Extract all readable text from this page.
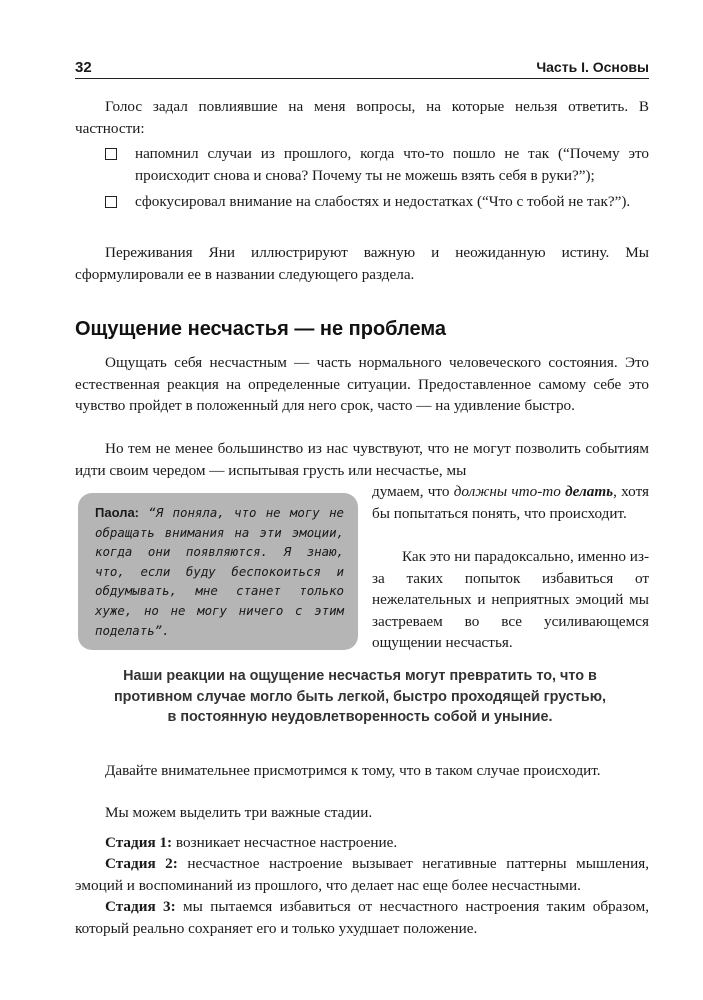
32	Часть I. Основы

Голос задал повлиявшие на меня вопросы, на которые нельзя ответить. В частности:

напомнил случаи из прошлого, когда что-то пошло не так (“Почему это происходит снова и снова? Почему ты не можешь взять себя в руки?”);
сфокусировал внимание на слабостях и недостатках (“Что с тобой не так?”).

Переживания Яни иллюстрируют важную и неожиданную истину. Мы сформулировали ее в названии следующего раздела.

Ощущение несчастья — не проблема

Ощущать себя несчастным — часть нормального человеческого состояния. Это естественная реакция на определенные ситуации. Предоставленное самому себе это чувство пройдет в положенный для него срок, часто — на удивление быстро.

Но тем не менее большинство из нас чувствуют, что не могут позволить событиям идти своим чередом — испытывая грусть или несчастье, мы

думаем, что должны что-то делать, хотя бы попытаться понять, что происходит.

Как это ни парадоксально, именно из-за таких попыток избавиться от нежелательных и неприятных эмоций мы застреваем во все усиливающемся ощущении несчастья.

Паола: “Я поняла, что не могу не обращать внимания на эти эмоции, когда они появляются. Я знаю, что, если буду беспокоиться и обдумывать, мне станет только хуже, но не могу ничего с этим поделать”.
Наши реакции на ощущение несчастья могут превратить то, что в противном случае могло быть легкой, быстро проходящей грустью, в постоянную неудовлетворенность собой и уныние.

Давайте внимательнее присмотримся к тому, что в таком случае происходит.

Мы можем выделить три важные стадии.

Стадия 1: возникает несчастное настроение.

Стадия 2: несчастное настроение вызывает негативные паттерны мышления, эмоций и воспоминаний из прошлого, что делает нас еще более несчастными.

Стадия 3: мы пытаемся избавиться от несчастного настроения таким образом, который реально сохраняет его и только ухудшает положение.
